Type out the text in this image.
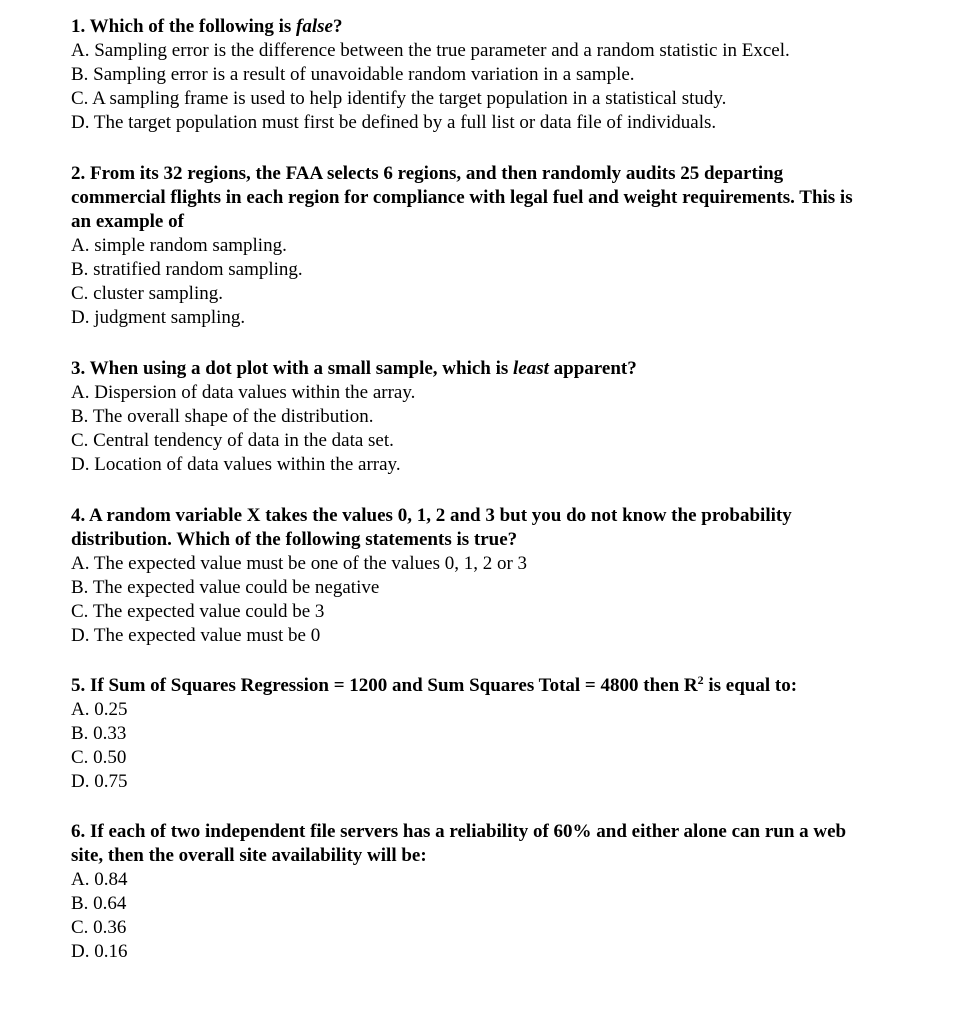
1. Which of the following is false?

A. Sampling error is the difference between the true parameter and a random statistic in Excel.
B. Sampling error is a result of unavoidable random variation in a sample.
C. A sampling frame is used to help identify the target population in a statistical study.
D. The target population must first be defined by a full list or data file of individuals.

2. From its 32 regions, the FAA selects 6 regions, and then randomly audits 25 departing commercial flights in each region for compliance with legal fuel and weight requirements. This is an example of

A. simple random sampling.
B. stratified random sampling.
C. cluster sampling.
D. judgment sampling.

3. When using a dot plot with a small sample, which is least apparent?

A. Dispersion of data values within the array.
B. The overall shape of the distribution.
C. Central tendency of data in the data set.
D. Location of data values within the array.

4. A random variable X takes the values 0, 1, 2 and 3 but you do not know the probability distribution. Which of the following statements is true?

A. The expected value must be one of the values 0, 1, 2 or 3
B. The expected value could be negative
C. The expected value could be 3
D. The expected value must be 0

5. If Sum of Squares Regression = 1200 and Sum Squares Total = 4800 then $R^2$ is equal to:

A. 0.25
B. 0.33
C. 0.50
D. 0.75

6. If each of two independent file servers has a reliability of 60% and either alone can run a web site, then the overall site availability will be:

A. 0.84
B. 0.64
C. 0.36
D. 0.16
